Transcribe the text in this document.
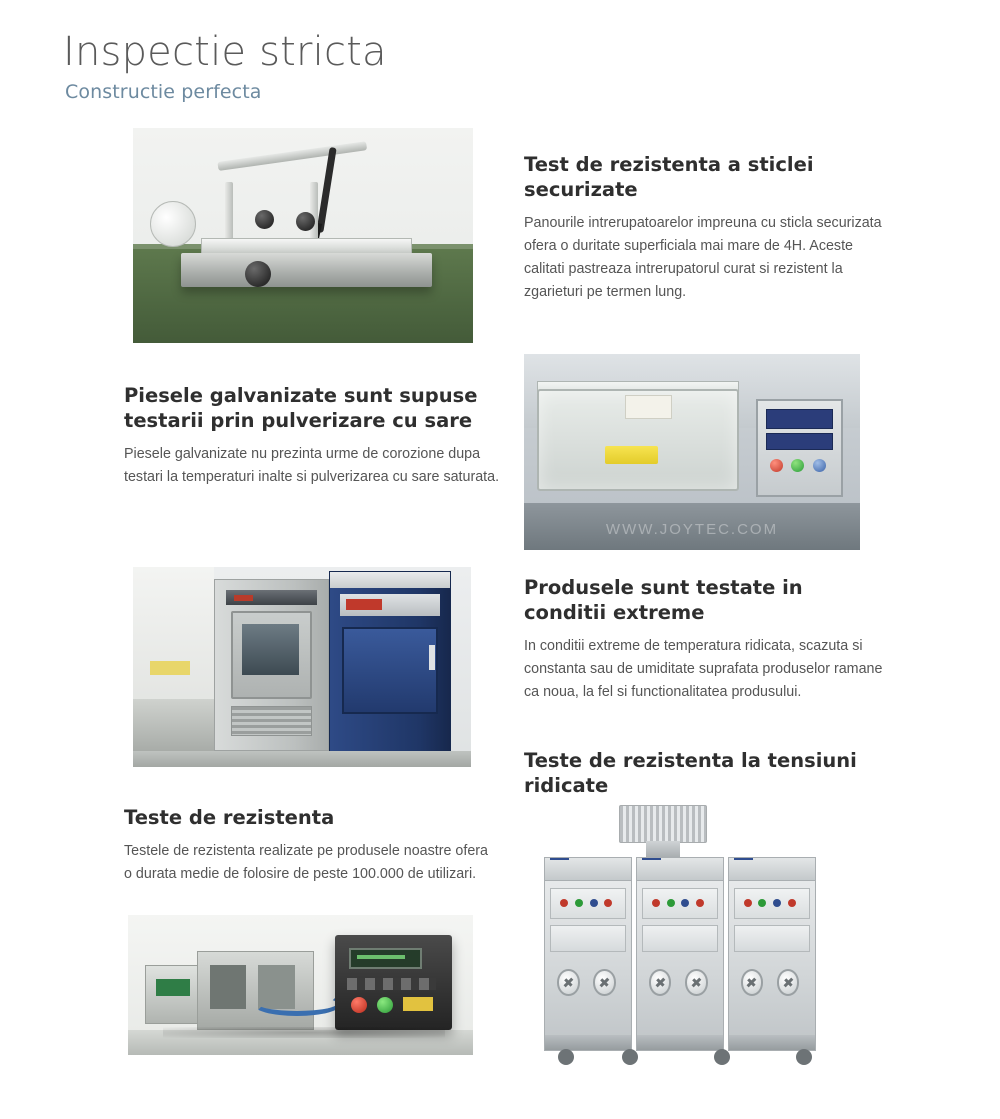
Inspectie stricta
Constructie perfecta
Test de rezistenta a sticlei securizate

Panourile intrerupatoarelor impreuna cu sticla securizata ofera o duritate superficiala mai mare de 4H. Aceste calitati pastreaza intrerupatorul curat si rezistent la zgarieturi pe termen lung.

Piesele galvanizate sunt supuse testarii prin pulverizare cu sare

Piesele galvanizate nu prezinta urme de corozione dupa testari la temperaturi inalte si pulverizarea cu sare saturata.

WWW.JOYTEC.COM
Produsele sunt testate in conditii extreme

In conditii extreme de temperatura ridicata, scazuta si constanta sau de umiditate suprafata produselor ramane ca noua, la fel si functionalitatea produsului.

Teste de rezistenta

Testele de rezistenta realizate pe produsele noastre ofera o durata medie de folosire de peste 100.000 de utilizari.

Teste de rezistenta la tensiuni ridicate
